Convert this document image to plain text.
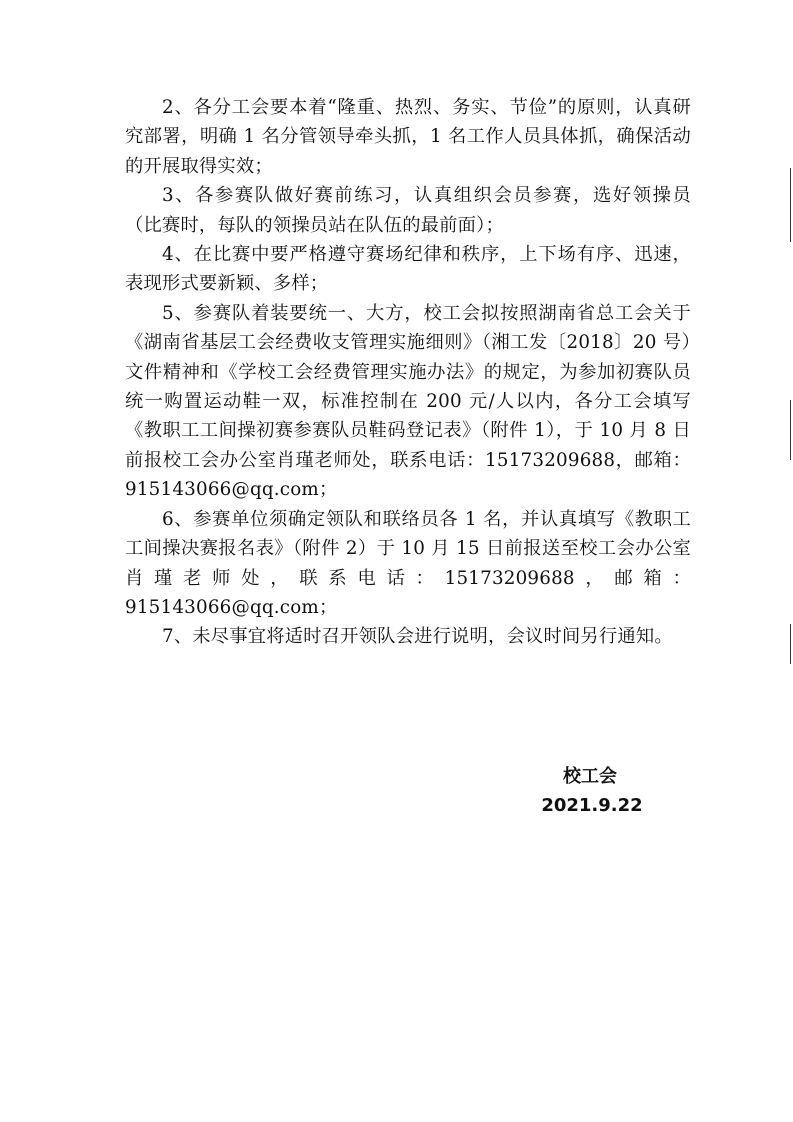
2、各分工会要本着“隆重、热烈、务实、节俭”的原则，认真研究部署，明确 1 名分管领导牵头抓，1 名工作人员具体抓，确保活动的开展取得实效；

3、各参赛队做好赛前练习，认真组织会员参赛，选好领操员（比赛时，每队的领操员站在队伍的最前面）；

4、在比赛中要严格遵守赛场纪律和秩序，上下场有序、迅速，表现形式要新颖、多样；

5、参赛队着装要统一、大方，校工会拟按照湖南省总工会关于《湖南省基层工会经费收支管理实施细则》（湘工发〔2018〕20 号）文件精神和《学校工会经费管理实施办法》的规定，为参加初赛队员统一购置运动鞋一双，标准控制在 200 元/人以内，各分工会填写《教职工工间操初赛参赛队员鞋码登记表》（附件 1），于 10 月 8 日前报校工会办公室肖瑾老师处，联系电话：15173209688，邮箱：915143066@qq.com；

6、参赛单位须确定领队和联络员各 1 名，并认真填写《教职工工间操决赛报名表》（附件 2）于 10 月 15 日前报送至校工会办公室肖瑾老师处，联系电话：15173209688，邮箱：915143066@qq.com；

7、未尽事宜将适时召开领队会进行说明，会议时间另行通知。

校工会
2021.9.22
